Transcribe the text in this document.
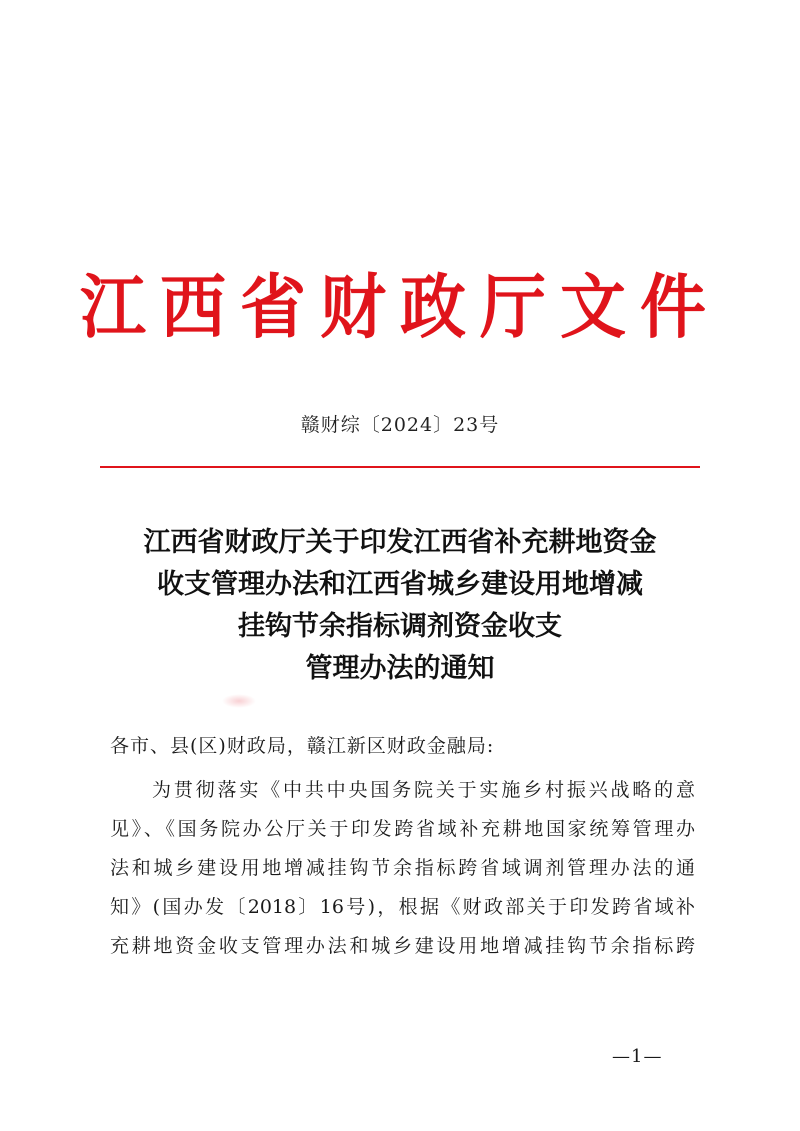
江西省财政厅文件
赣财综〔2024〕23号
江西省财政厅关于印发江西省补充耕地资金
收支管理办法和江西省城乡建设用地增减
挂钩节余指标调剂资金收支
管理办法的通知
各市、县(区)财政局，赣江新区财政金融局:
为贯彻落实《中共中央国务院关于实施乡村振兴战略的意
见》、《国务院办公厅关于印发跨省域补充耕地国家统筹管理办
法和城乡建设用地增减挂钩节余指标跨省域调剂管理办法的通
知》(国办发〔2018〕16号)，根据《财政部关于印发跨省域补
充耕地资金收支管理办法和城乡建设用地增减挂钩节余指标跨
—1—
